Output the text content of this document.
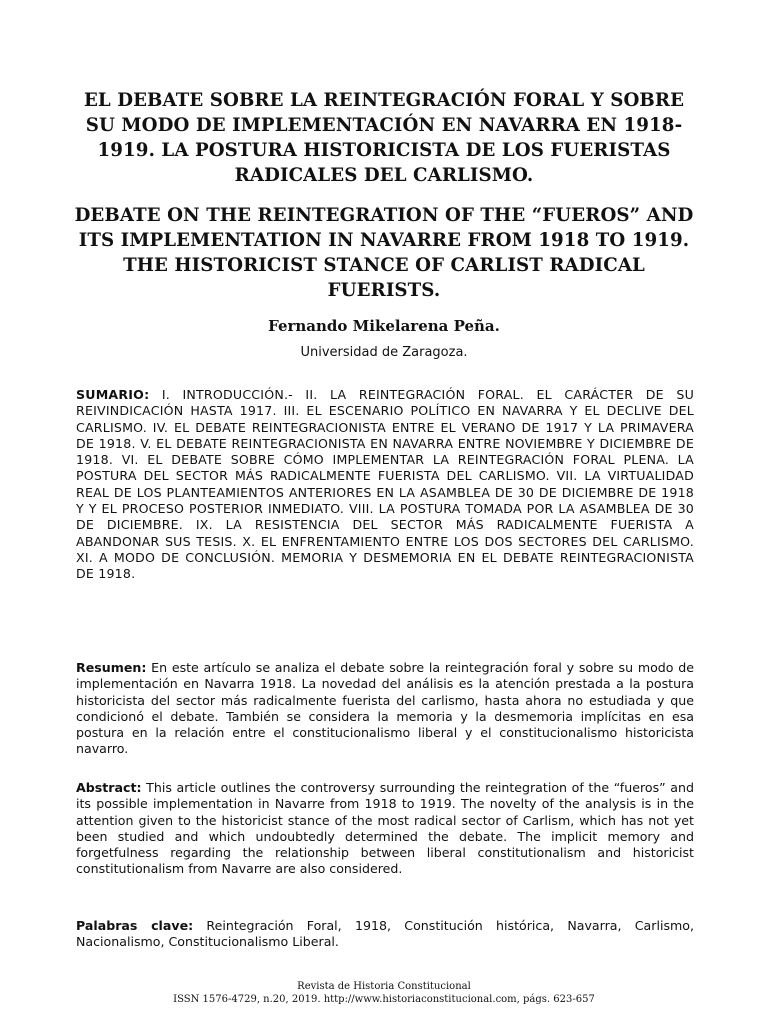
EL DEBATE SOBRE LA REINTEGRACIÓN FORAL Y SOBRE SU MODO DE IMPLEMENTACIÓN EN NAVARRA EN 1918-1919. LA POSTURA HISTORICISTA DE LOS FUERISTAS RADICALES DEL CARLISMO.
DEBATE ON THE REINTEGRATION OF THE “FUEROS” AND ITS IMPLEMENTATION IN NAVARRE FROM 1918 TO 1919. THE HISTORICIST STANCE OF CARLIST RADICAL FUERISTS.

Fernando Mikelarena Peña.

Universidad de Zaragoza.

SUMARIO: I. INTRODUCCIÓN.- II. LA REINTEGRACIÓN FORAL. EL CARÁCTER DE SU REIVINDICACIÓN HASTA 1917. III. EL ESCENARIO POLÍTICO EN NAVARRA Y EL DECLIVE DEL CARLISMO. IV. EL DEBATE REINTEGRACIONISTA ENTRE EL VERANO DE 1917 Y LA PRIMAVERA DE 1918. V. EL DEBATE REINTEGRACIONISTA EN NAVARRA ENTRE NOVIEMBRE Y DICIEMBRE DE 1918. VI. EL DEBATE SOBRE CÓMO IMPLEMENTAR LA REINTEGRACIÓN FORAL PLENA. LA POSTURA DEL SECTOR MÁS RADICALMENTE FUERISTA DEL CARLISMO. VII. LA VIRTUALIDAD REAL DE LOS PLANTEAMIENTOS ANTERIORES EN LA ASAMBLEA DE 30 DE DICIEMBRE DE 1918 Y Y EL PROCESO POSTERIOR INMEDIATO. VIII. LA POSTURA TOMADA POR LA ASAMBLEA DE 30 DE DICIEMBRE. IX. LA RESISTENCIA DEL SECTOR MÁS RADICALMENTE FUERISTA A ABANDONAR SUS TESIS. X. EL ENFRENTAMIENTO ENTRE LOS DOS SECTORES DEL CARLISMO. XI. A MODO DE CONCLUSIÓN. MEMORIA Y DESMEMORIA EN EL DEBATE REINTEGRACIONISTA DE 1918.

Resumen: En este artículo se analiza el debate sobre la reintegración foral y sobre su modo de implementación en Navarra 1918. La novedad del análisis es la atención prestada a la postura historicista del sector más radicalmente fuerista del carlismo, hasta ahora no estudiada y que condicionó el debate. También se considera la memoria y la desmemoria implícitas en esa postura en la relación entre el constitucionalismo liberal y el constitucionalismo historicista navarro.

Abstract: This article outlines the controversy surrounding the reintegration of the “fueros” and its possible implementation in Navarre from 1918 to 1919. The novelty of the analysis is in the attention given to the historicist stance of the most radical sector of Carlism, which has not yet been studied and which undoubtedly determined the debate. The implicit memory and forgetfulness regarding the relationship between liberal constitutionalism and historicist constitutionalism from Navarre are also considered.

Palabras clave: Reintegración Foral, 1918, Constitución histórica, Navarra, Carlismo, Nacionalismo, Constitucionalismo Liberal.

Revista de Historia Constitucional

ISSN 1576-4729, n.20, 2019. http://www.historiaconstitucional.com, págs. 623-657
